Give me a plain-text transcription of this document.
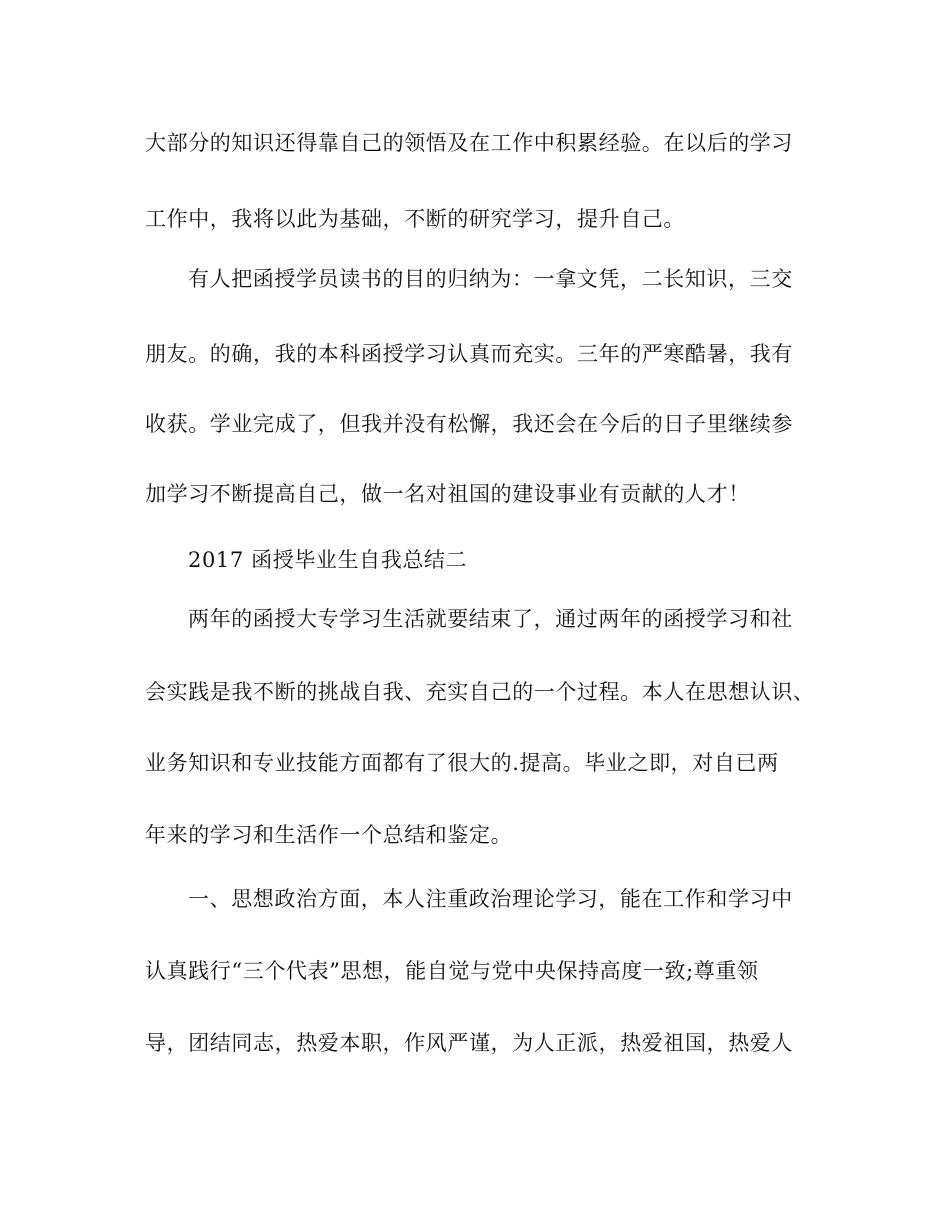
大部分的知识还得靠自己的领悟及在工作中积累经验。在以后的学习
工作中，我将以此为基础，不断的研究学习，提升自己。
有人把函授学员读书的目的归纳为：一拿文凭，二长知识，三交
朋友。的确，我的本科函授学习认真而充实。三年的严寒酷暑，我有
收获。学业完成了，但我并没有松懈，我还会在今后的日子里继续参
加学习不断提高自己，做一名对祖国的建设事业有贡献的人才！
2017 函授毕业生自我总结二
两年的函授大专学习生活就要结束了，通过两年的函授学习和社
会实践是我不断的挑战自我、充实自己的一个过程。本人在思想认识、
业务知识和专业技能方面都有了很大的.提高。毕业之即，对自已两
年来的学习和生活作一个总结和鉴定。
一、思想政治方面，本人注重政治理论学习，能在工作和学习中
认真践行“三个代表”思想，能自觉与党中央保持高度一致;尊重领
导，团结同志，热爱本职，作风严谨，为人正派，热爱祖国，热爱人
